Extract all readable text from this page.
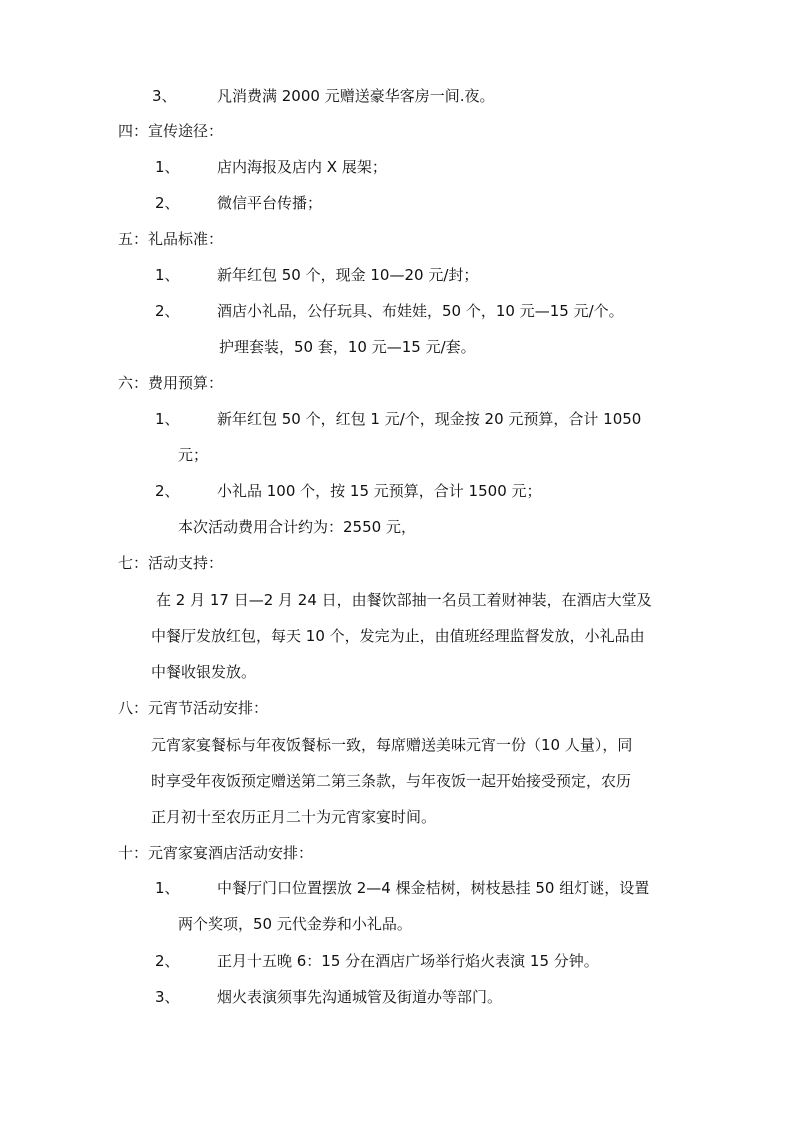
3、	凡消费满 2000 元赠送豪华客房一间.夜。
四：宣传途径：
1、 店内海报及店内 X 展架；
2、 微信平台传播；
五：礼品标准：
1、 新年红包 50 个，现金 10—20 元/封；
2、 酒店小礼品，公仔玩具、布娃娃，50 个，10 元—15 元/个。
护理套装，50 套，10 元—15 元/套。
六：费用预算：
1、 新年红包 50 个，红包 1 元/个，现金按 20 元预算，合计 1050
元；
2、 小礼品 100 个，按 15 元预算，合计 1500 元；
本次活动费用合计约为：2550 元，
七：活动支持：
在 2 月 17 日—2 月 24 日，由餐饮部抽一名员工着财神装，在酒店大堂及
中餐厅发放红包，每天 10 个，发完为止，由值班经理监督发放，小礼品由
中餐收银发放。
八：元宵节活动安排：
元宵家宴餐标与年夜饭餐标一致，每席赠送美味元宵一份（10 人量），同
时享受年夜饭预定赠送第二第三条款，与年夜饭一起开始接受预定，农历
正月初十至农历正月二十为元宵家宴时间。
十：元宵家宴酒店活动安排：
1、 中餐厅门口位置摆放 2—4 棵金桔树，树枝悬挂 50 组灯谜，设置
两个奖项，50 元代金券和小礼品。
2、 正月十五晚 6：15 分在酒店广场举行焰火表演 15 分钟。
3、 烟火表演须事先沟通城管及街道办等部门。
